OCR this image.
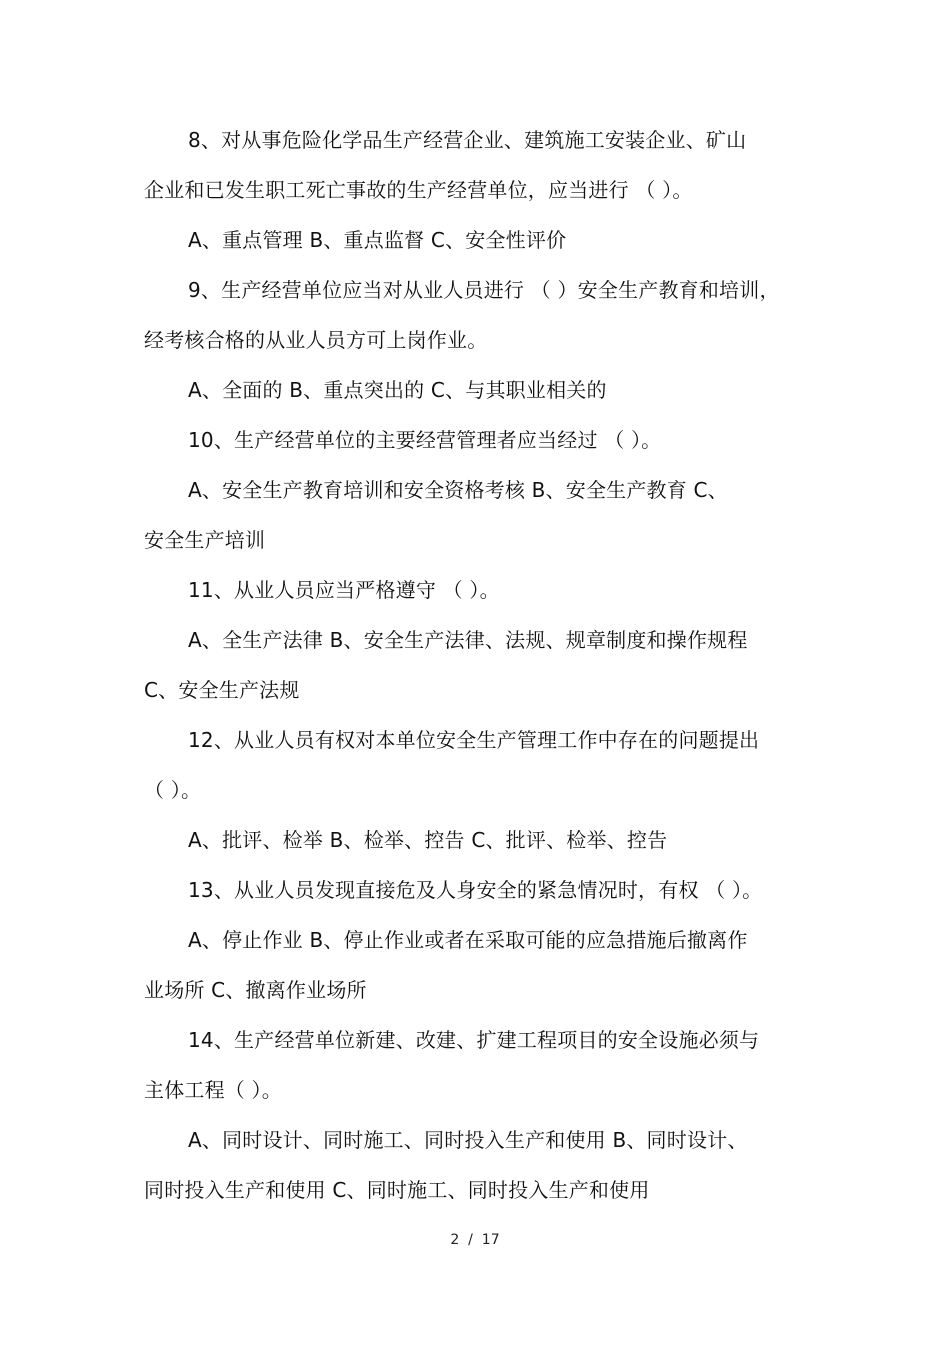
8、对从事危险化学品生产经营企业、建筑施工安装企业、矿山
企业和已发生职工死亡事故的生产经营单位，应当进行 （ ）。
A、重点管理 B、重点监督 C、安全性评价
9、生产经营单位应当对从业人员进行 （ ）安全生产教育和培训，
经考核合格的从业人员方可上岗作业。
A、全面的 B、重点突出的 C、与其职业相关的
10、生产经营单位的主要经营管理者应当经过 （ ）。
A、安全生产教育培训和安全资格考核 B、安全生产教育 C、
安全生产培训
11、从业人员应当严格遵守 （ ）。
A、全生产法律 B、安全生产法律、法规、规章制度和操作规程
C、安全生产法规
12、从业人员有权对本单位安全生产管理工作中存在的问题提出
（ ）。
A、批评、检举 B、检举、控告 C、批评、检举、控告
13、从业人员发现直接危及人身安全的紧急情况时，有权 （ ）。
A、停止作业 B、停止作业或者在采取可能的应急措施后撤离作
业场所 C、撤离作业场所
14、生产经营单位新建、改建、扩建工程项目的安全设施必须与
主体工程（ ）。
A、同时设计、同时施工、同时投入生产和使用 B、同时设计、
同时投入生产和使用 C、同时施工、同时投入生产和使用
2  /  17
